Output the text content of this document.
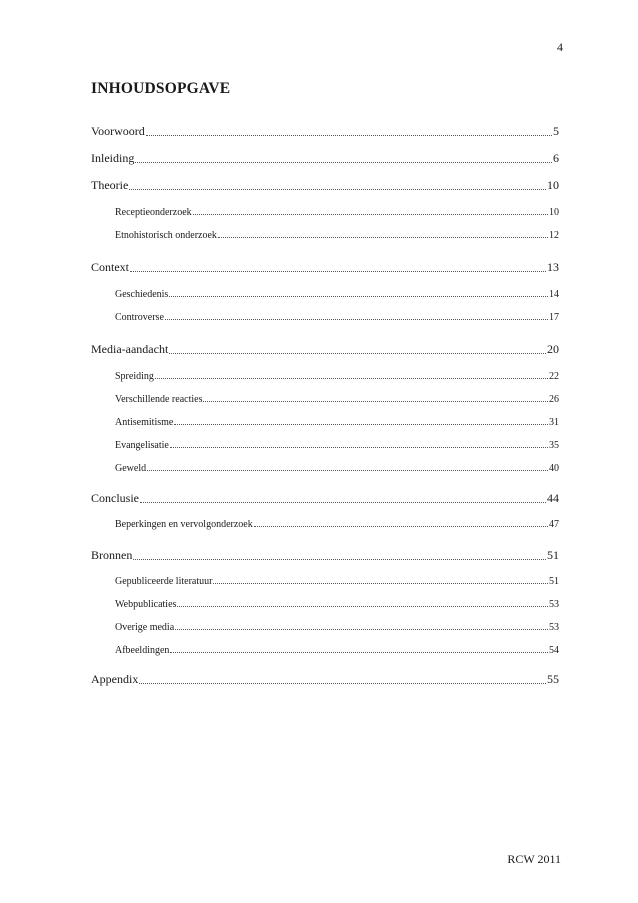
4
INHOUDSOPGAVE
Voorwoord	5
Inleiding	6
Theorie	10
Receptieonderzoek	10
Etnohistorisch onderzoek	12
Context	13
Geschiedenis	14
Controverse	17
Media-aandacht	20
Spreiding	22
Verschillende reacties	26
Antisemitisme	31
Evangelisatie	35
Geweld	40
Conclusie	44
Beperkingen en vervolgonderzoek	47
Bronnen	51
Gepubliceerde literatuur	51
Webpublicaties	53
Overige media	53
Afbeeldingen	54
Appendix	55
RCW 2011
